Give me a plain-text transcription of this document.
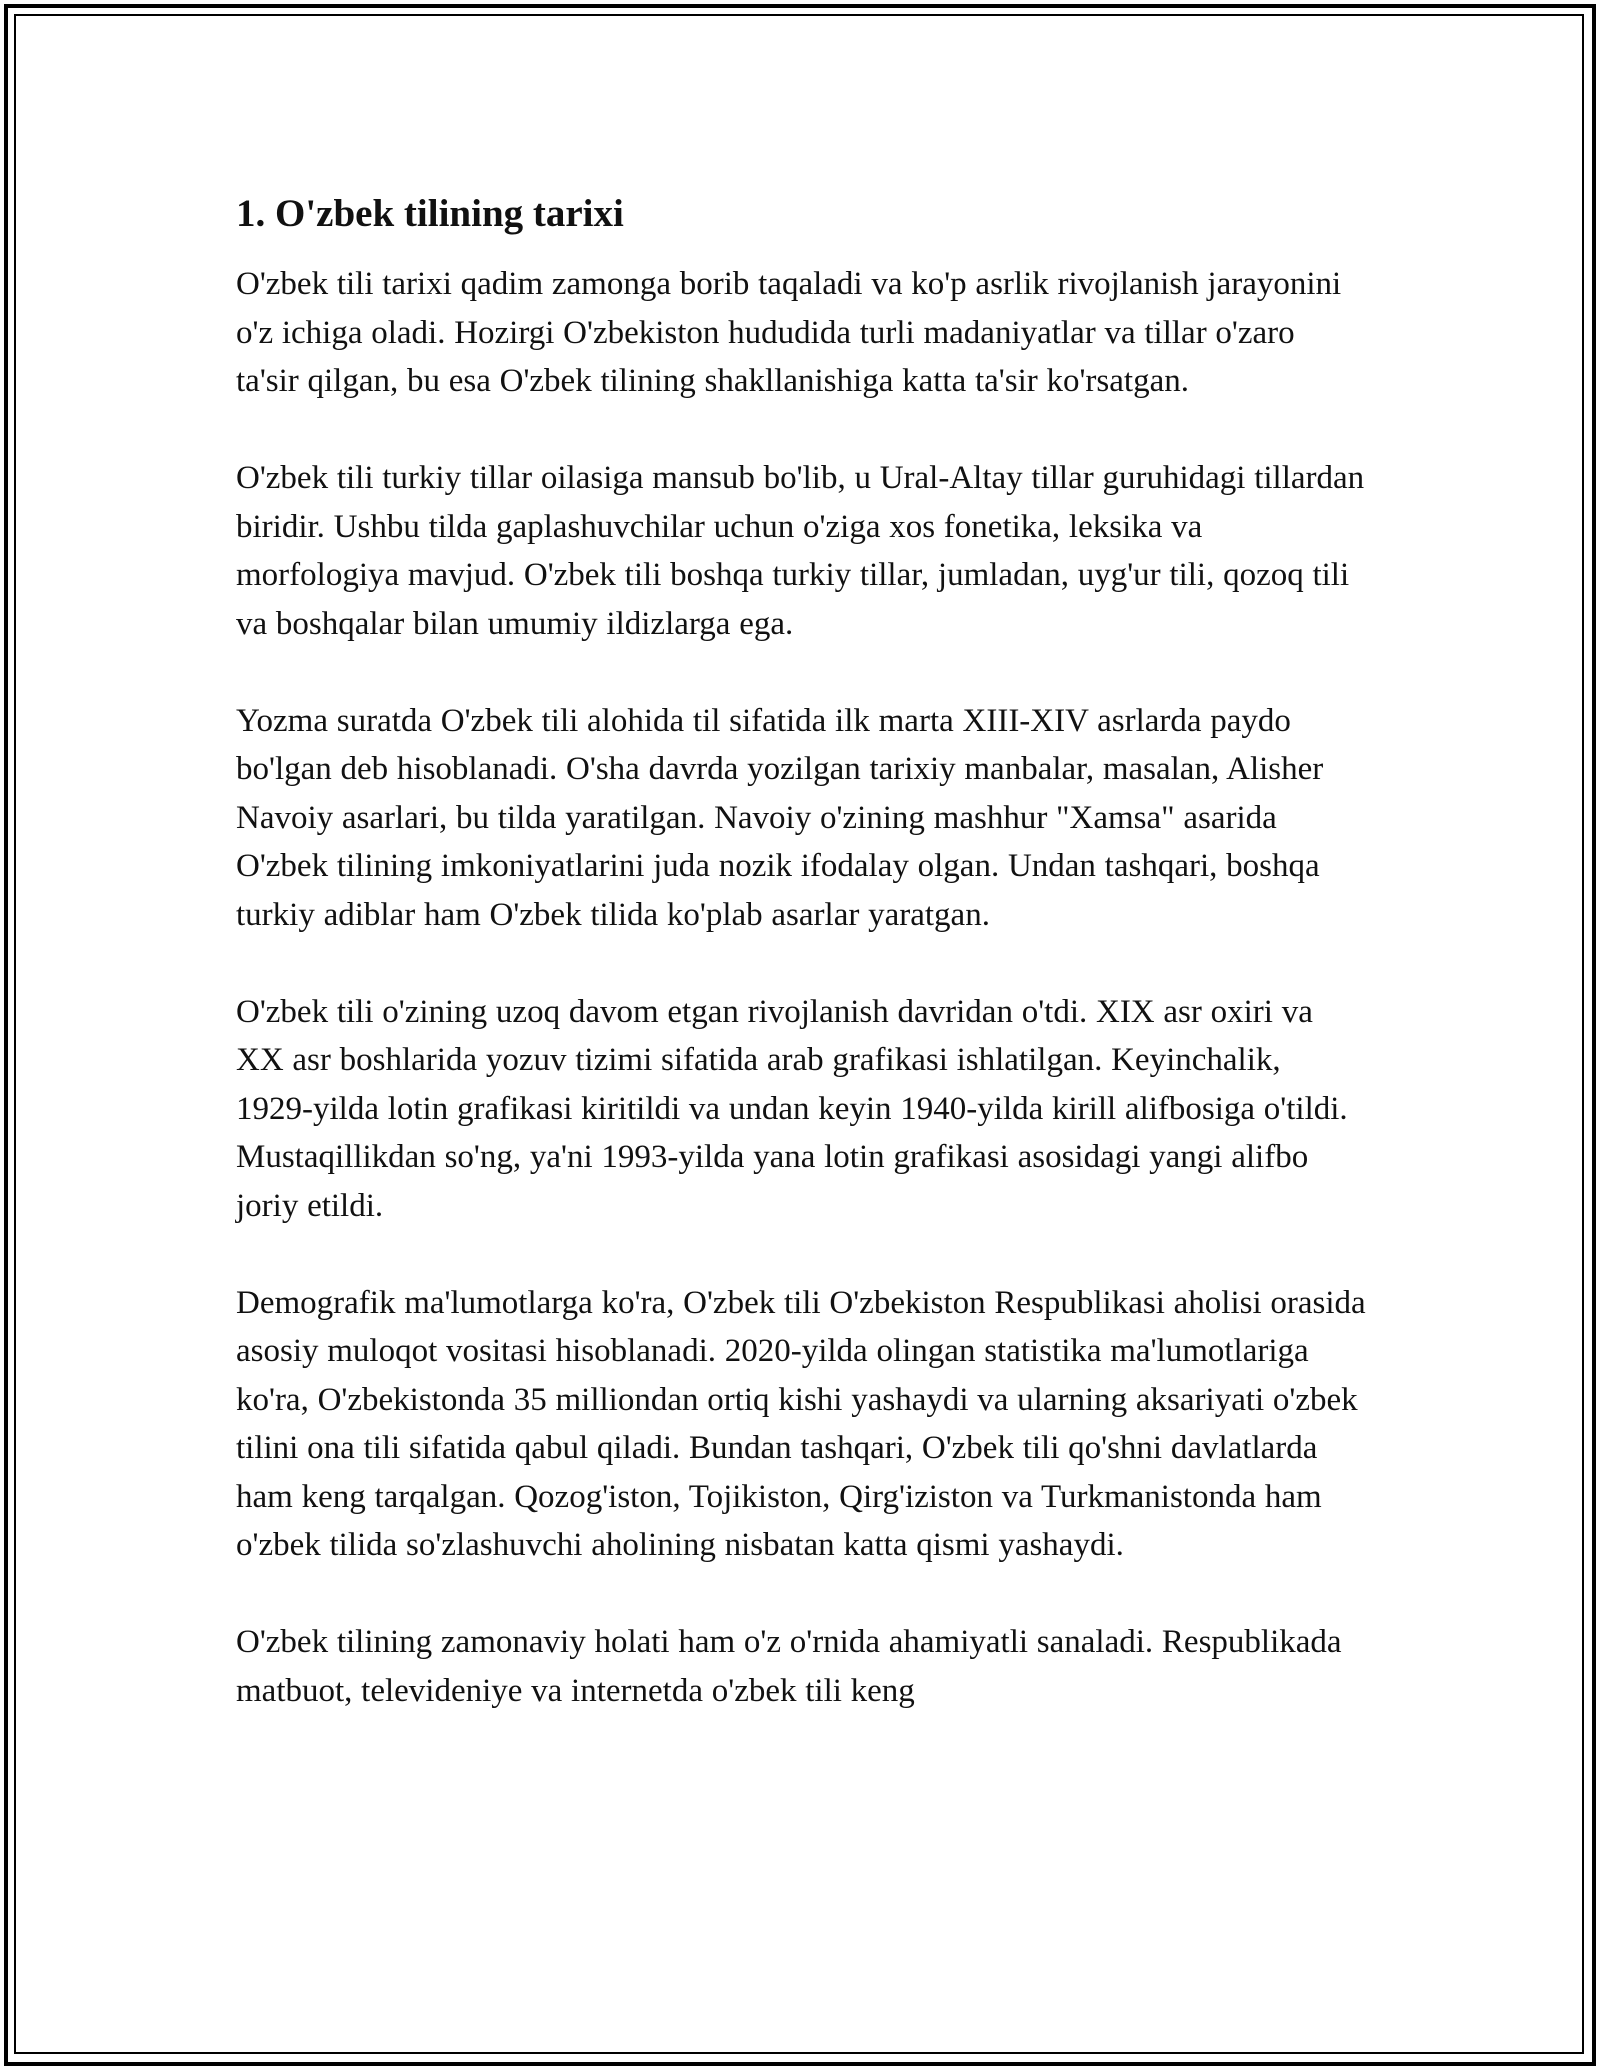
1. O'zbek tilining tarixi

O'zbek tili tarixi qadim zamonga borib taqaladi va ko'p asrlik rivojlanish jarayonini o'z ichiga oladi. Hozirgi O'zbekiston hududida turli madaniyatlar va tillar o'zaro ta'sir qilgan, bu esa O'zbek tilining shakllanishiga katta ta'sir ko'rsatgan.

O'zbek tili turkiy tillar oilasiga mansub bo'lib, u Ural-Altay tillar guruhidagi tillardan biridir. Ushbu tilda gaplashuvchilar uchun o'ziga xos fonetika, leksika va morfologiya mavjud. O'zbek tili boshqa turkiy tillar, jumladan, uyg'ur tili, qozoq tili va boshqalar bilan umumiy ildizlarga ega.

Yozma suratda O'zbek tili alohida til sifatida ilk marta XIII-XIV asrlarda paydo bo'lgan deb hisoblanadi. O'sha davrda yozilgan tarixiy manbalar, masalan, Alisher Navoiy asarlari, bu tilda yaratilgan. Navoiy o'zining mashhur "Xamsa" asarida O'zbek tilining imkoniyatlarini juda nozik ifodalay olgan. Undan tashqari, boshqa turkiy adiblar ham O'zbek tilida ko'plab asarlar yaratgan.

O'zbek tili o'zining uzoq davom etgan rivojlanish davridan o'tdi. XIX asr oxiri va XX asr boshlarida yozuv tizimi sifatida arab grafikasi ishlatilgan. Keyinchalik, 1929-yilda lotin grafikasi kiritildi va undan keyin 1940-yilda kirill alifbosiga o'tildi. Mustaqillikdan so'ng, ya'ni 1993-yilda yana lotin grafikasi asosidagi yangi alifbo joriy etildi.

Demografik ma'lumotlarga ko'ra, O'zbek tili O'zbekiston Respublikasi aholisi orasida asosiy muloqot vositasi hisoblanadi. 2020-yilda olingan statistika ma'lumotlariga ko'ra, O'zbekistonda 35 milliondan ortiq kishi yashaydi va ularning aksariyati o'zbek tilini ona tili sifatida qabul qiladi. Bundan tashqari, O'zbek tili qo'shni davlatlarda ham keng tarqalgan. Qozog'iston, Tojikiston, Qirg'iziston va Turkmanistonda ham o'zbek tilida so'zlashuvchi aholining nisbatan katta qismi yashaydi.

O'zbek tilining zamonaviy holati ham o'z o'rnida ahamiyatli sanaladi. Respublikada matbuot, televideniye va internetda o'zbek tili keng
